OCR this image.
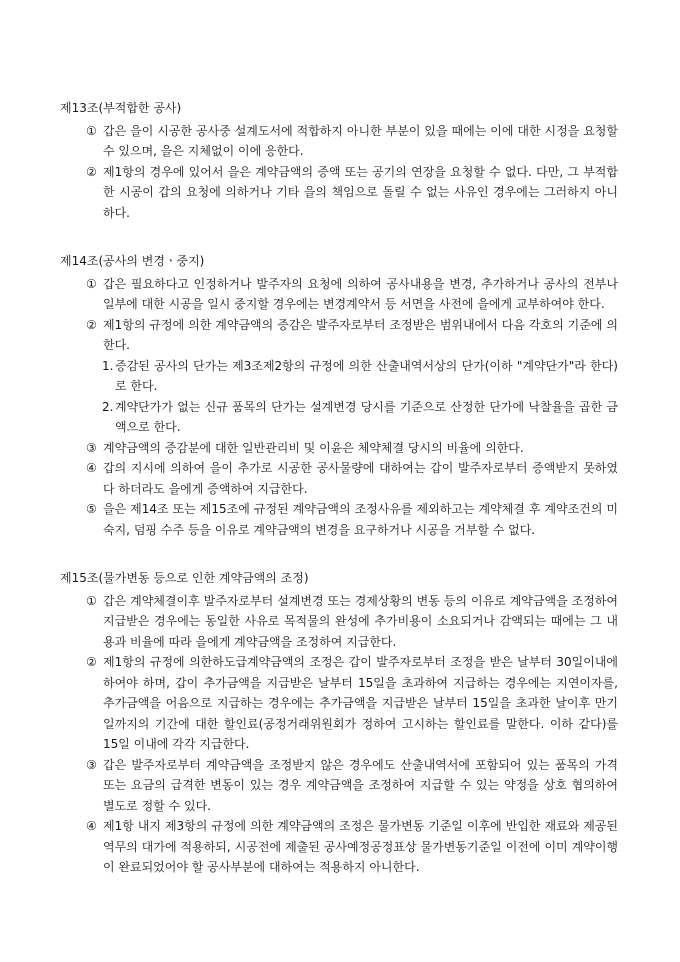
제13조(부적합한 공사)
① 갑은 을이 시공한 공사중 설계도서에 적합하지 아니한 부분이 있을 때에는 이에 대한 시정을 요청할 수 있으며, 을은 지체없이 이에 응한다.
② 제1항의 경우에 있어서 을은 계약금액의 증액 또는 공기의 연장을 요청할 수 없다. 다만, 그 부적합한 시공이 갑의 요청에 의하거나 기타 을의 책임으로 돌릴 수 없는 사유인 경우에는 그러하지 아니하다.
제14조(공사의 변경ㆍ중지)
① 갑은 필요하다고 인정하거나 발주자의 요청에 의하여 공사내용을 변경, 추가하거나 공사의 전부나 일부에 대한 시공을 일시 중지할 경우에는 변경계약서 등 서면을 사전에 을에게 교부하여야 한다.
② 제1항의 규정에 의한 계약금액의 증감은 발주자로부터 조정받은 범위내에서 다음 각호의 기준에 의한다.
1. 증감된 공사의 단가는 제3조제2항의 규정에 의한 산출내역서상의 단가(이하 "계약단가"라 한다)로 한다.
2. 계약단가가 없는 신규 품목의 단가는 설계변경 당시를 기준으로 산정한 단가에 낙찰율을 곱한 금액으로 한다.
③ 계약금액의 증감분에 대한 일반관리비 및 이윤은 체약체결 당시의 비율에 의한다.
④ 갑의 지시에 의하여 을이 추가로 시공한 공사물량에 대하여는 갑이 발주자로부터 증액받지 못하였다 하더라도 을에게 증액하여 지급한다.
⑤ 을은 제14조 또는 제15조에 규정된 계약금액의 조정사유를 제외하고는 계약체결 후 계약조건의 미숙지, 덤핑 수주 등을 이유로 계약금액의 변경을 요구하거나 시공을 거부할 수 없다.
제15조(물가변동 등으로 인한 계약금액의 조정)
① 갑은 계약체결이후 발주자로부터 설계변경 또는 경제상황의 변동 등의 이유로 계약금액을 조정하여 지급받은 경우에는 동일한 사유로 목적물의 완성에 추가비용이 소요되거나 감액되는 때에는 그 내용과 비율에 따라 을에게 계약금액을 조정하여 지급한다.
② 제1항의 규정에 의한하도급계약금액의 조정은 갑이 발주자로부터 조정을 받은 날부터 30일이내에 하여야 하며, 갑이 추가금액을 지급받은 날부터 15일을 초과하여 지급하는 경우에는 지연이자를, 추가금액을 어음으로 지급하는 경우에는 추가금액을 지급받은 날부터 15일을 초과한 날이후 만기일까지의 기간에 대한 할인료(공정거래위원회가 정하여 고시하는 할인료를 말한다. 이하 같다)를 15일 이내에 각각 지급한다.
③ 갑은 발주자로부터 계약금액을 조정받지 않은 경우에도 산출내역서에 포함되어 있는 품목의 가격 또는 요금의 급격한 변동이 있는 경우 계약금액을 조정하여 지급할 수 있는 약정을 상호 협의하여 별도로 정할 수 있다.
④ 제1항 내지 제3항의 규정에 의한 계약금액의 조정은 물가변동 기준일 이후에 반입한 재료와 제공된 역무의 대가에 적용하되, 시공전에 제출된 공사예정공정표상 물가변동기준일 이전에 이미 계약이행이 완료되었어야 할 공사부분에 대하여는 적용하지 아니한다.
